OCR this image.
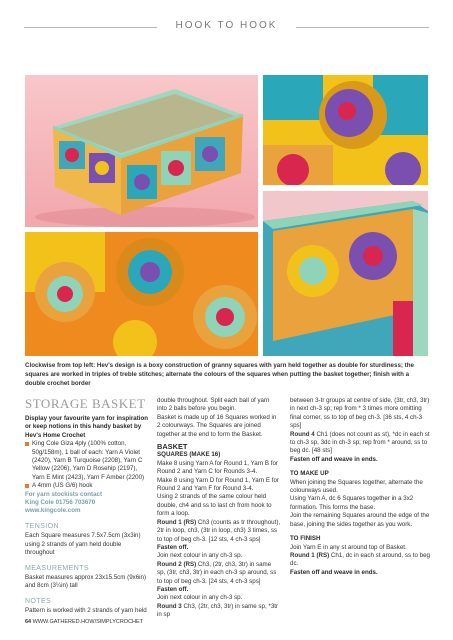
HOOK TO HOOK
Clockwise from top left: Hev's design is a boxy construction of granny squares with yarn held together as double for sturdiness; the squares are worked in triples of treble stitches; alternate the colours of the squares when putting the basket together; finish with a double crochet border
STORAGE BASKET

Display your favourite yarn for inspiration or keep notions in this handy basket by Hev's Home Crochet

King Cole Giza 4ply (100% cotton, 50g/158m), 1 ball of each: Yarn A Violet (2420), Yarn B Turquoise (2208), Yarn C Yellow (2206), Yarn D Rosehip (2197), Yarn E Mint (2423), Yarn F Amber (2200)

A 4mm (US G/6) hook

For yarn stockists contact

King Cole 01756 703670

www.kingcole.com

TENSION

Each Square measures 7.5x7.5cm (3x3in) using 2 strands of yarn held double throughout

MEASUREMENTS

Basket measures approx 23x15.5cm (9x6in) and 8cm (3¼in) tall

NOTES

Pattern is worked with 2 strands of yarn held

double throughout. Split each ball of yarn into 2 balls before you begin.

Basket is made up of 16 Squares worked in 2 colourways. The Squares are joined together at the end to form the Basket.

BASKET

SQUARES (MAKE 16)

Make 8 using Yarn A for Round 1, Yarn B for Round 2 and Yarn C for Rounds 3-4.

Make 8 using Yarn D for Round 1, Yarn E for Round 2 and Yarn F for Round 3-4.

Using 2 strands of the same colour held double, ch4 and ss to last ch from hook to form a loop.

Round 1 (RS) Ch3 (counts as tr throughout), 2tr in loop, ch3, (3tr in loop, ch3) 3 times, ss to top of beg ch-3. [12 sts, 4 ch-3 sps]

Fasten off.

Join next colour in any ch-3 sp.

Round 2 (RS) Ch3, (2tr, ch3, 3tr) in same sp, (3tr, ch3, 3tr) in each ch-3 sp around, ss to top of beg ch-3. [24 sts, 4 ch-3 sps]

Fasten off.

Join next colour in any ch-3 sp.

Round 3 Ch3, (2tr, ch3, 3tr) in same sp, *3tr in sp

between 3-tr groups at centre of side, (3tr, ch3, 3tr) in next ch-3 sp; rep from * 3 times more omitting final corner, ss to top of beg ch-3. [36 sts, 4 ch-3 sps]

Round 4 Ch1 (does not count as st), *dc in each st to ch-3 sp, 3dc in ch-3 sp; rep from * around, ss to beg dc. [48 sts]

Fasten off and weave in ends.

TO MAKE UP

When joining the Squares together, alternate the colourways used.

Using Yarn A, dc 6 Squares together in a 3x2 formation. This forms the base.

Join the remaining Squares around the edge of the base, joining the sides together as you work.

TO FINISH

Join Yarn E in any st around top of Basket.

Round 1 (RS) Ch1, dc in each st around, ss to beg dc.

Fasten off and weave in ends.

64 WWW.GATHERED.HOW/SIMPLYCROCHET
